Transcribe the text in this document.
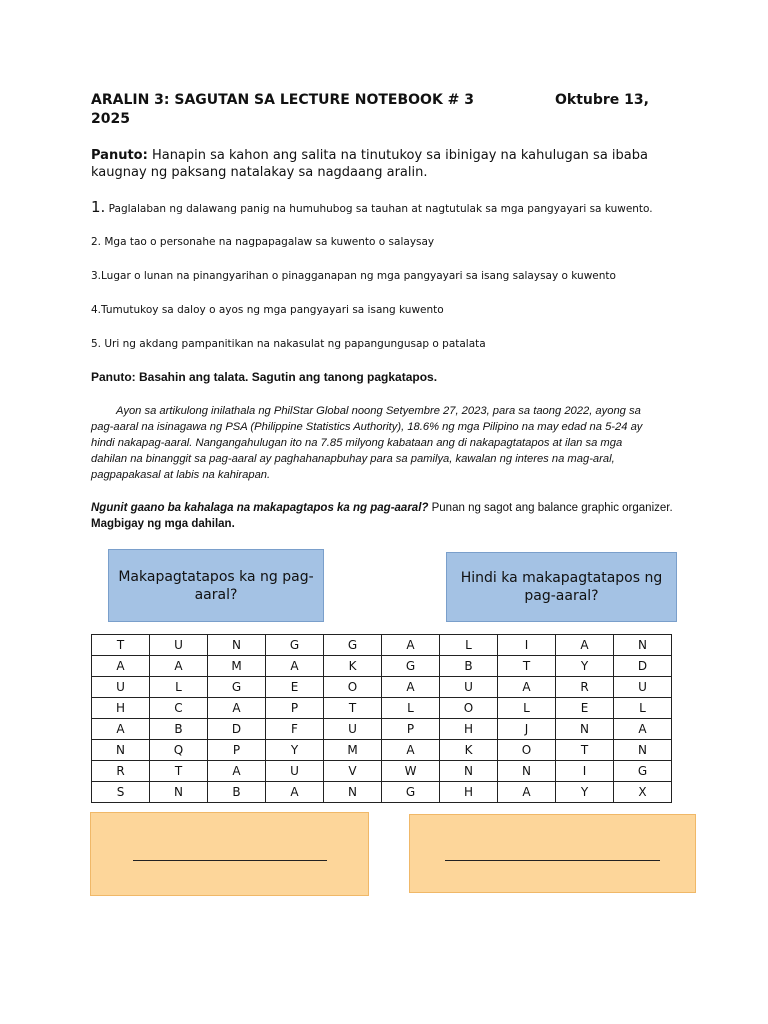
ARALIN 3: SAGUTAN SA LECTURE NOTEBOOK # 3	Oktubre 13,
2025
Panuto: Hanapin sa kahon ang salita na tinutukoy sa ibinigay na kahulugan sa ibaba kaugnay ng paksang natalakay sa nagdaang aralin.
1. Paglalaban ng dalawang panig na humuhubog sa tauhan at nagtutulak sa mga pangyayari sa kuwento.
2. Mga tao o personahe na nagpapagalaw sa kuwento o salaysay
3.Lugar o lunan na pinangyarihan o pinagganapan ng mga pangyayari sa isang salaysay o kuwento
4.Tumutukoy sa daloy o ayos ng mga pangyayari sa isang kuwento
5. Uri ng akdang pampanitikan na nakasulat ng papangungusap o patalata
Panuto: Basahin ang talata. Sagutin ang tanong pagkatapos.
Ayon sa artikulong inilathala ng PhilStar Global noong Setyembre 27, 2023, para sa taong 2022, ayong sa pag-aaral na isinagawa ng PSA (Philippine Statistics Authority), 18.6% ng mga Pilipino na may edad na 5-24 ay hindi nakapag-aaral. Nangangahulugan ito na 7.85 milyong kabataan ang di nakapagtatapos at ilan sa mga dahilan na binanggit sa pag-aaral ay paghahanapbuhay para sa pamilya, kawalan ng interes na mag-aral, pagpapakasal at labis na kahirapan.
Ngunit gaano ba kahalaga na makapagtapos ka ng pag-aaral? Punan ng sagot ang balance graphic organizer.
Magbigay ng mga dahilan.
Makapagtatapos ka ng pag-aaral?
Hindi ka makapagtatapos ng pag-aaral?
T	U	N	G	G	A	L	I	A	N
A	A	M	A	K	G	B	T	Y	D
U	L	G	E	O	A	U	A	R	U
H	C	A	P	T	L	O	L	E	L
A	B	D	F	U	P	H	J	N	A
N	Q	P	Y	M	A	K	O	T	N
R	T	A	U	V	W	N	N	I	G
S	N	B	A	N	G	H	A	Y	X
